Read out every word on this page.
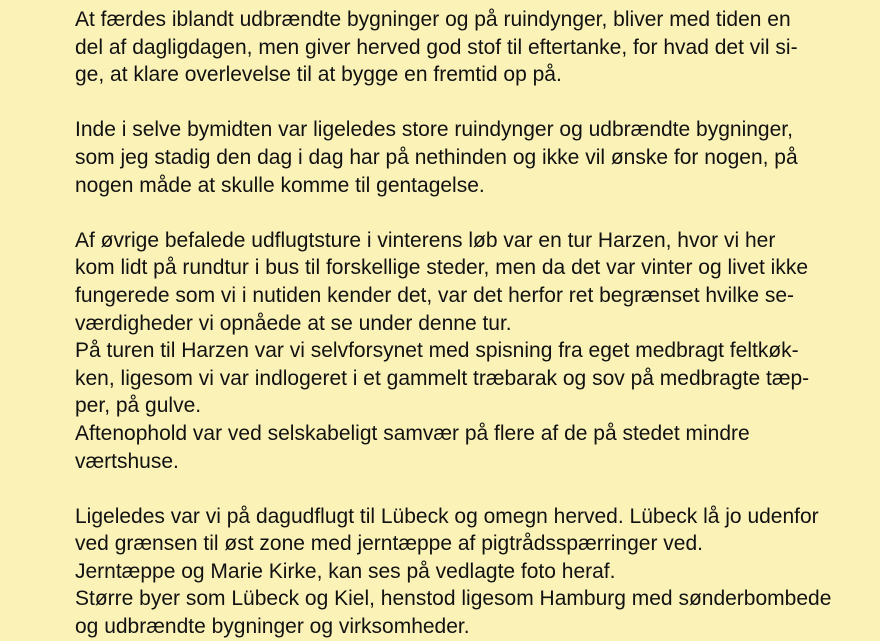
At færdes iblandt udbrændte bygninger og på ruindynger, bliver med tiden en
del af dagligdagen, men giver herved god stof til eftertanke, for hvad det vil si-
ge, at klare overlevelse til at bygge en fremtid op på.
Inde i selve bymidten var ligeledes store ruindynger og udbrændte bygninger,
som jeg stadig den dag i dag har på nethinden og ikke vil ønske for nogen, på
nogen måde at skulle komme til gentagelse.
Af øvrige befalede udflugtsture i vinterens løb var en tur Harzen, hvor vi her
kom lidt på rundtur i bus til forskellige steder, men da det var vinter og livet ikke
fungerede som vi i nutiden kender det, var det herfor ret begrænset hvilke se-
værdigheder vi opnåede at se under denne tur.
På turen til Harzen var vi selvforsynet med spisning fra eget medbragt feltkøk-
ken, ligesom vi var indlogeret i et gammelt træbarak og sov på medbragte tæp-
per, på gulve.
Aftenophold var ved selskabeligt samvær på flere af de på stedet mindre
værtshuse.
Ligeledes var vi på dagudflugt til Lübeck og omegn herved. Lübeck lå jo udenfor
ved grænsen til øst zone med jerntæppe af pigtrådsspærringer ved.
Jerntæppe og Marie Kirke, kan ses på vedlagte foto heraf.
Større byer som Lübeck og Kiel, henstod ligesom Hamburg med sønderbombede
og udbrændte bygninger og virksomheder.
